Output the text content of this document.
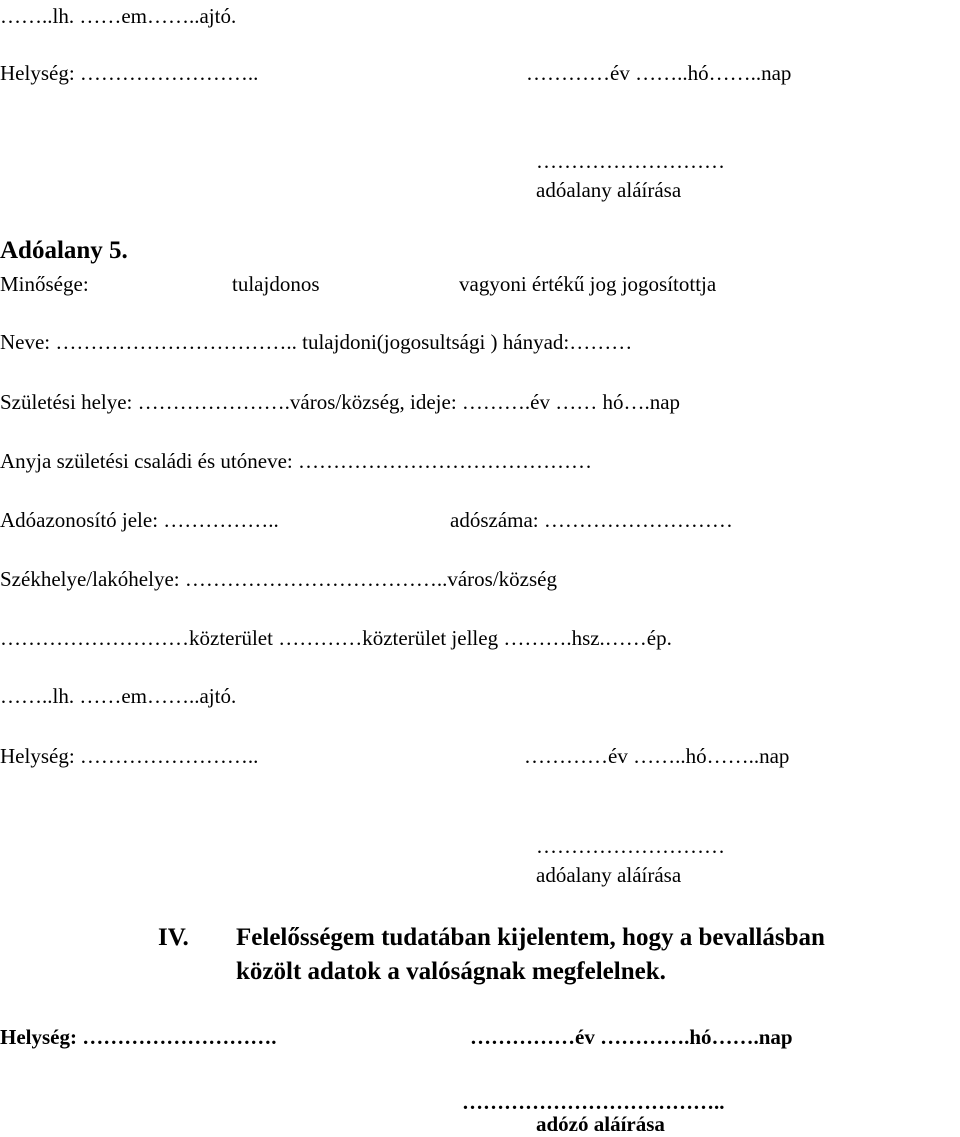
……..lh. ……em……..ajtó.
Helység: ……………………..	…………év ……..hó……..nap
………………………
adóalany aláírása
Adóalany 5.
Minősége:	tulajdonos	vagyoni értékű jog jogosítottja
Neve: …………………………….. tulajdoni(jogosultsági ) hányad:………
Születési helye: ………………….város/község, ideje: ……….év …… hó….nap
Anyja születési családi és utóneve: ……………………………………
Adóazonosító jele: ……………..	adószáma: ………………………
Székhelye/lakóhelye: ………………………………..város/község
………………………közterület …………közterület jelleg ……….hsz.……ép.
……..lh. ……em……..ajtó.
Helység: ……………………..	…………év ……..hó……..nap
………………………
adóalany aláírása
IV. Felelősségem tudatában kijelentem, hogy a bevallásban
közölt adatok a valóságnak megfelelnek.
Helység: ……………………….	……………év ………….hó…….nap
………………………………..
adózó aláírása
